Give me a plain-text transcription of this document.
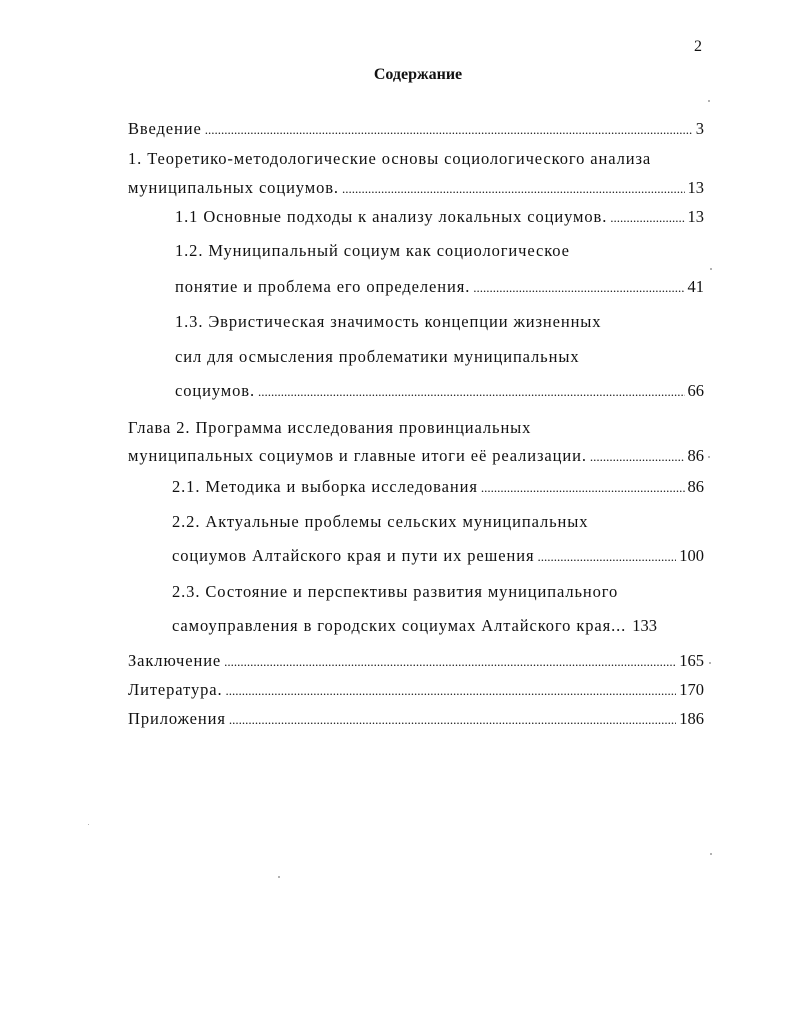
2
Содержание
Введение .....	3
1. Теоретико-методологические основы социологического анализа
муниципальных социумов. .....	13
1.1 Основные подходы к анализу локальных социумов. .....	13
1.2. Муниципальный социум как социологическое
понятие и проблема его определения. .....	41
1.3. Эвристическая значимость концепции жизненных
сил для осмысления проблематики муниципальных
социумов. .....	66
Глава 2. Программа исследования провинциальных
муниципальных социумов и главные итоги её реализации. .....	86
2.1. Методика и выборка исследования .....	86
2.2. Актуальные проблемы сельских муниципальных
социумов Алтайского края и пути их решения .....	100
2.3. Состояние и перспективы развития муниципального
самоуправления в городских социумах Алтайского края... 133
Заключение .....	165
Литература. .....	170
Приложения .....	186
